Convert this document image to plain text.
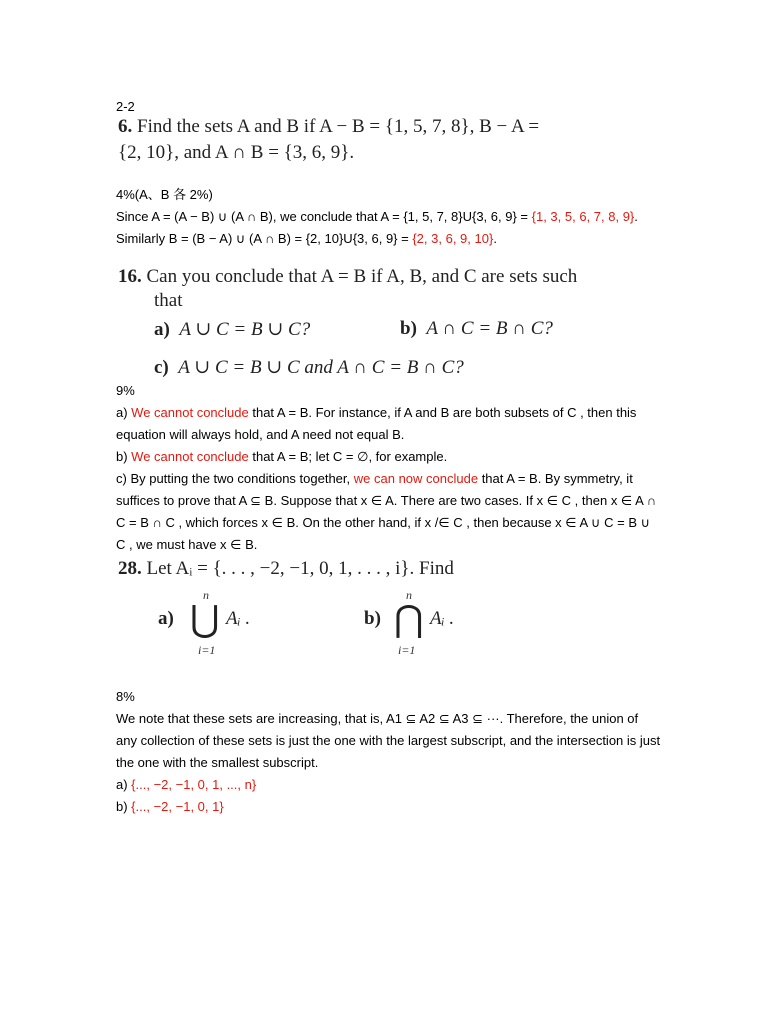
2-2

6. Find the sets A and B if A − B = {1, 5, 7, 8}, B − A =

{2, 10}, and A ∩ B = {3, 6, 9}.

4%(A、B 各 2%)

Since A = (A − B) ∪ (A ∩ B), we conclude that A = {1, 5, 7, 8}U{3, 6, 9} = {1, 3, 5, 6, 7, 8, 9}. Similarly B = (B − A) ∪ (A ∩ B) = {2, 10}U{3, 6, 9} = {2, 3, 6, 9, 10}.

16. Can you conclude that A = B if A, B, and C are sets such

that

a) A ∪ C = B ∪ C?	b) A ∩ C = B ∩ C?

c) A ∪ C = B ∪ C and A ∩ C = B ∩ C?

9%

a) We cannot conclude that A = B. For instance, if A and B are both subsets of C , then this equation will always hold, and A need not equal B.

b) We cannot conclude that A = B; let C = ∅, for example.

c) By putting the two conditions together, we can now conclude that A = B. By symmetry, it suffices to prove that A ⊆ B. Suppose that x ∈ A. There are two cases. If x ∈ C , then x ∈ A ∩ C = B ∩ C , which forces x ∈ B. On the other hand, if x /∈ C , then because x ∈ A ∪ C = B ∪ C , we must have x ∈ B.

28. Let Aᵢ = {. . . , −2, −1, 0, 1, . . . , i}. Find

a)

n
⋃
i=1

Aᵢ .	b)

n
⋂
i=1

Aᵢ .

8%

We note that these sets are increasing, that is, A1 ⊆ A2 ⊆ A3 ⊆ ···. Therefore, the union of any collection of these sets is just the one with the largest subscript, and the intersection is just the one with the smallest subscript.

a) {..., −2, −1, 0, 1, ..., n}

b) {..., −2, −1, 0, 1}
